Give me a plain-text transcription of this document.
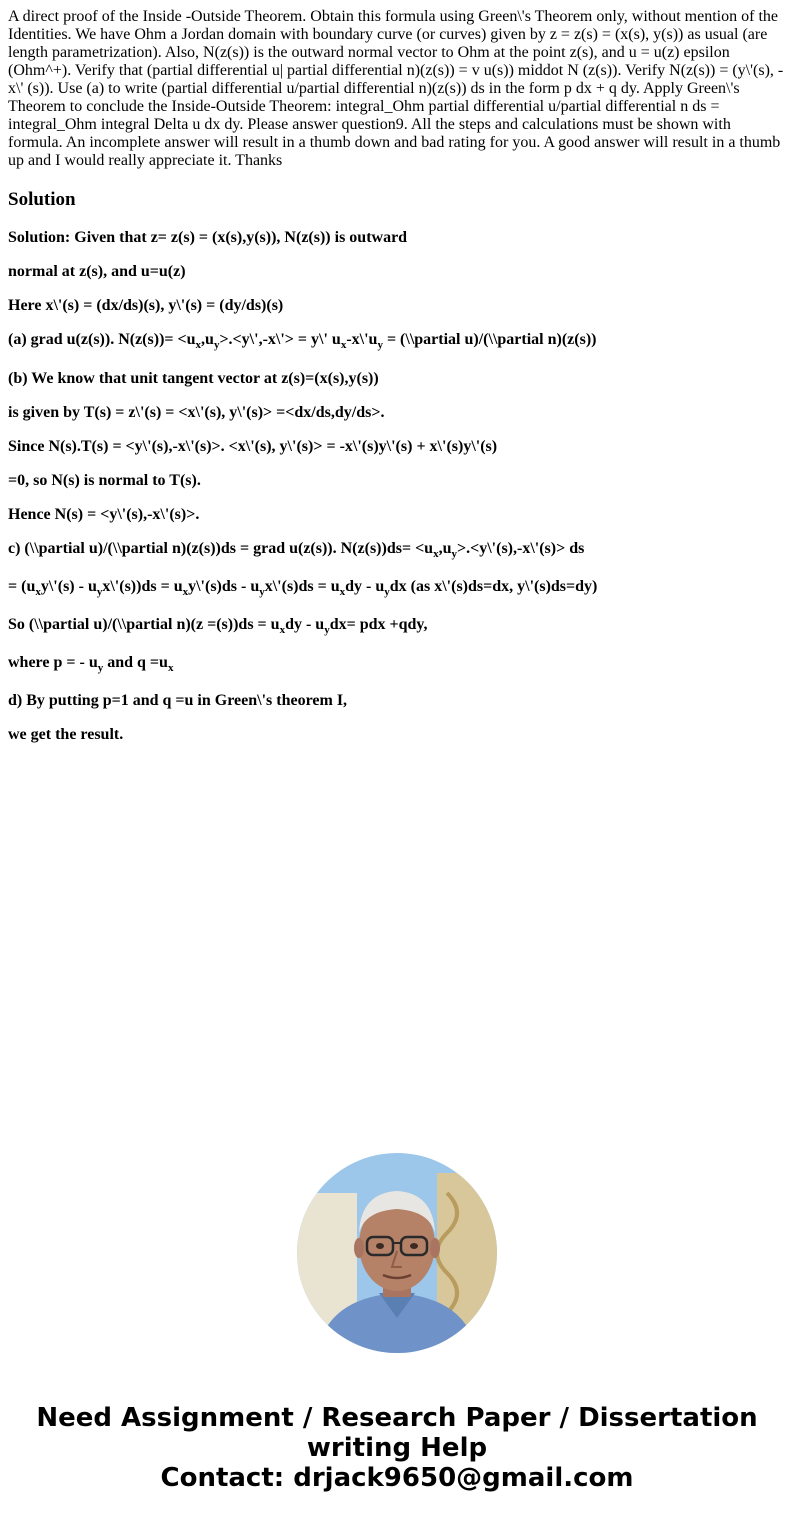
A direct proof of the Inside -Outside Theorem. Obtain this formula using Green\'s Theorem only, without mention of the Identities. We have Ohm a Jordan domain with boundary curve (or curves) given by z = z(s) = (x(s), y(s)) as usual (are length parametrization). Also, N(z(s)) is the outward normal vector to Ohm at the point z(s), and u = u(z) epsilon (Ohm^+). Verify that (partial differential u| partial differential n)(z(s)) = v u(s)) middot N (z(s)). Verify N(z(s)) = (y\'(s), -x\' (s)). Use (a) to write (partial differential u/partial differential n)(z(s)) ds in the form p dx + q dy. Apply Green\'s Theorem to conclude the Inside-Outside Theorem: integral_Ohm partial differential u/partial differential n ds = integral_Ohm integral Delta u dx dy. Please answer question9. All the steps and calculations must be shown with formula. An incomplete answer will result in a thumb down and bad rating for you. A good answer will result in a thumb up and I would really appreciate it. Thanks

Solution

Solution: Given that z= z(s) = (x(s),y(s)), N(z(s)) is outward

normal at z(s), and u=u(z)

Here x\'(s) = (dx/ds)(s), y\'(s) = (dy/ds)(s)

(a) grad u(z(s)). $N(z(s))= <u_x,u_y>.<y\backslash',-x\backslash'>$ = y\' $u_x-x\backslash'u_y$ = (\\partial u)/(\\partial n)(z(s))

(b) We know that unit tangent vector at z(s)=(x(s),y(s))

is given by T(s) = z\'(s) = <x\'(s), y\'(s)> =<dx/ds,dy/ds>.

Since N(s).T(s) = <y\'(s),-x\'(s)>. <x\'(s), y\'(s)> = -x\'(s)y\'(s) + x\'(s)y\'(s)

=0, so N(s) is normal to T(s).

Hence N(s) = <y\'(s),-x\'(s)>.

c) (\\partial u)/(\\partial n)(z(s))ds = grad u(z(s)). $N(z(s))ds= <u_x,u_y>.<y\backslash'(s),-x\backslash'(s)>$ ds

= ($u_xy\backslash'(s)$ - $u_yx\backslash'(s))ds$ = $u_xy\backslash'(s)ds$ - $u_yx\backslash'(s)ds = u_xdy - u_ydx$ (as x\'(s)ds=dx, y\'(s)ds=dy)

So (\\partial u)/(\\partial $n)(z =(s))ds = u_xdy - u_ydx=$ pdx +qdy,

where p = - $u_y$ and $q =u_x$

d) By putting p=1 and q =u in Green\'s theorem I,

we get the result.

Need Assignment / Research Paper / Dissertation
writing Help
Contact: drjack9650@gmail.com
